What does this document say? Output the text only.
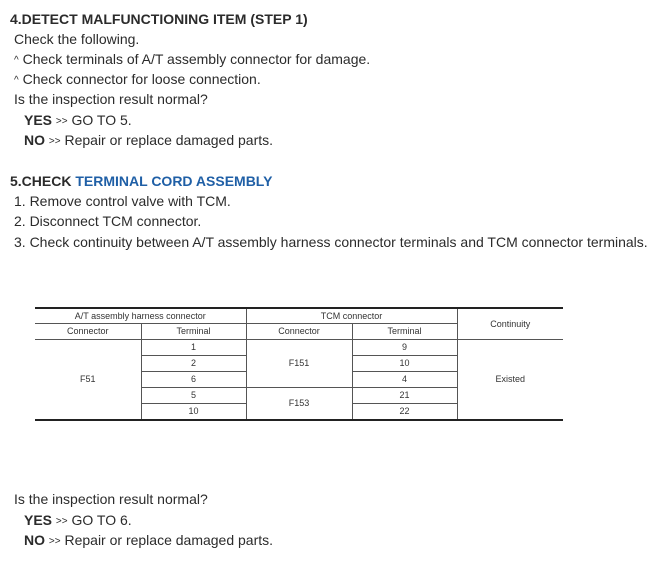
4.DETECT MALFUNCTIONING ITEM (STEP 1)
Check the following.
^ Check terminals of A/T assembly connector for damage.
^ Check connector for loose connection.
Is the inspection result normal?
YES >> GO TO 5.
NO >> Repair or replace damaged parts.
5.CHECK TERMINAL CORD ASSEMBLY
1. Remove control valve with TCM.
2. Disconnect TCM connector.
3. Check continuity between A/T assembly harness connector terminals and TCM connector terminals.
A/T assembly harness connector		TCM connector		Continuity
Connector	Terminal	Connector	Terminal	
F51	1	F151	9	Existed
	2		10	
	6		4	
	5	F153	21	
	10		22	
Is the inspection result normal?
YES >> GO TO 6.
NO >> Repair or replace damaged parts.
